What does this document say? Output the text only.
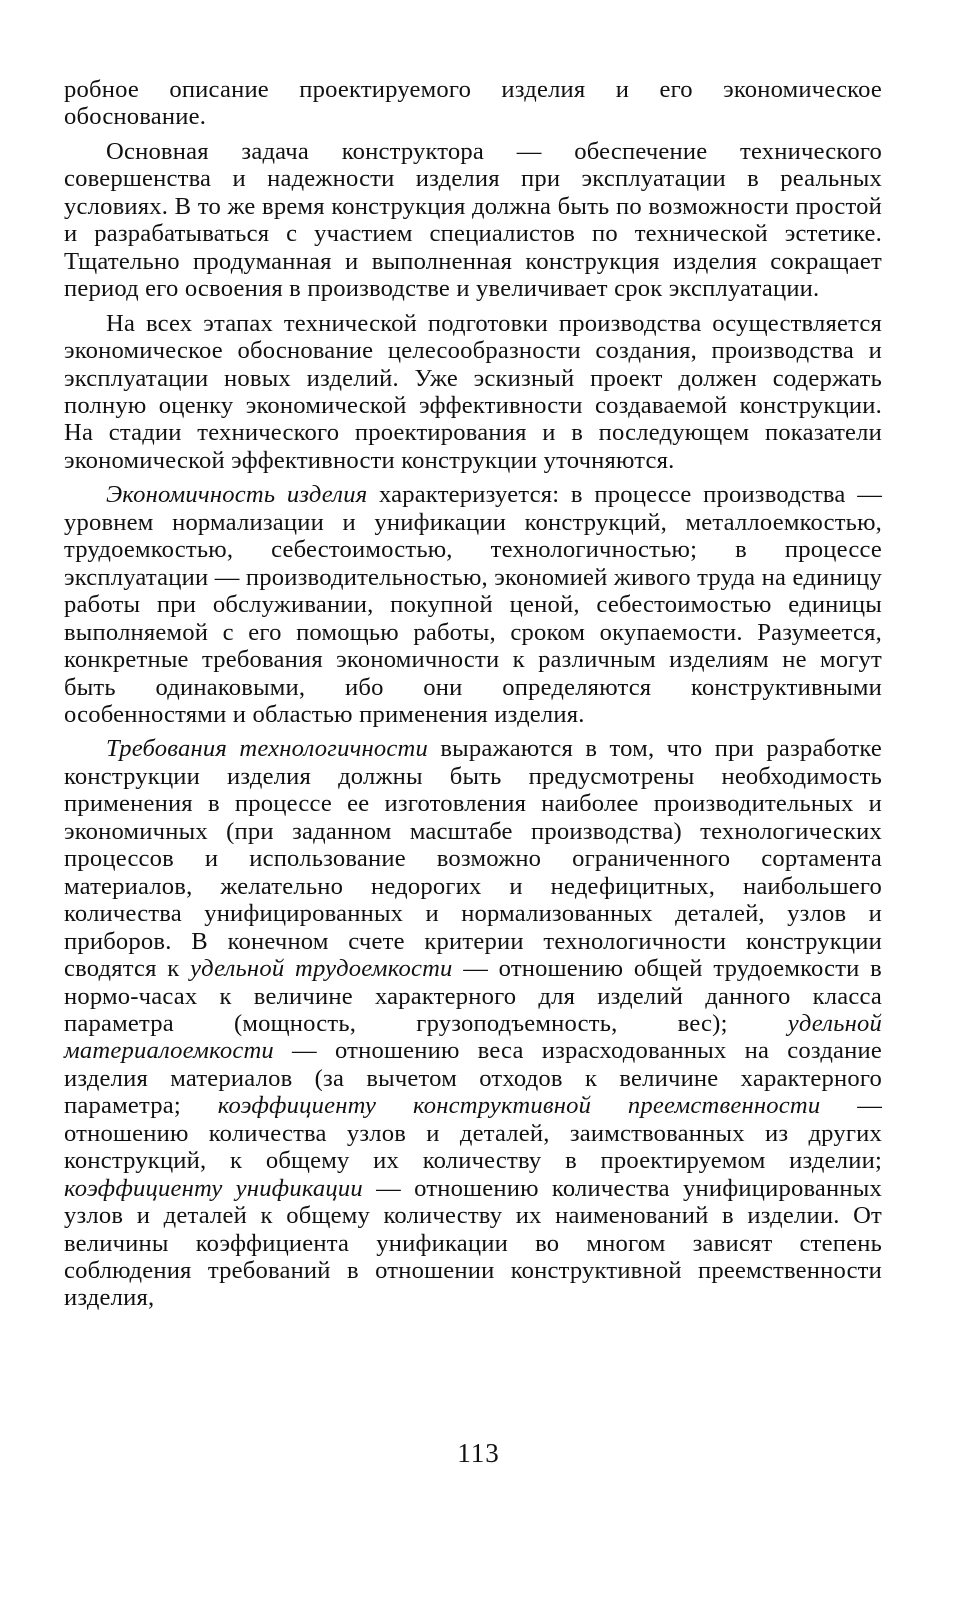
робное описание проектируемого изделия и его экономическое обоснование.

Основная задача конструктора — обеспечение технического совершенства и надежности изделия при эксплуатации в реальных условиях. В то же время конструкция должна быть по возможности простой и разрабатываться с участием специалистов по технической эстетике. Тщательно продуманная и выполненная конструкция изделия сокращает период его освоения в производстве и увеличивает срок эксплуатации.

На всех этапах технической подготовки производства осуществляется экономическое обоснование целесообразности создания, производства и эксплуатации новых изделий. Уже эскизный проект должен содержать полную оценку экономической эффективности создаваемой конструкции. На стадии технического проектирования и в последующем показатели экономической эффективности конструкции уточняются.

Экономичность изделия характеризуется: в процессе производства — уровнем нормализации и унификации конструкций, металлоемкостью, трудоемкостью, себестоимостью, технологичностью; в процессе эксплуатации — производительностью, экономией живого труда на единицу работы при обслуживании, покупной ценой, себестоимостью единицы выполняемой с его помощью работы, сроком окупаемости. Разумеется, конкретные требования экономичности к различным изделиям не могут быть одинаковыми, ибо они определяются конструктивными особенностями и областью применения изделия.

Требования технологичности выражаются в том, что при разработке конструкции изделия должны быть предусмотрены необходимость применения в процессе ее изготовления наиболее производительных и экономичных (при заданном масштабе производства) технологических процессов и использование возможно ограниченного сортамента материалов, желательно недорогих и недефицитных, наибольшего количества унифицированных и нормализованных деталей, узлов и приборов. В конечном счете критерии технологичности конструкции сводятся к удельной трудоемкости — отношению общей трудоемкости в нормо-часах к величине характерного для изделий данного класса параметра (мощность, грузоподъемность, вес); удельной материалоемкости — отношению веса израсходованных на создание изделия материалов (за вычетом отходов к величине характерного параметра; коэффициенту конструктивной преемственности — отношению количества узлов и деталей, заимствованных из других конструкций, к общему их количеству в проектируемом изделии; коэффициенту унификации — отношению количества унифицированных узлов и деталей к общему количеству их наименований в изделии. От величины коэффициента унификации во многом зависят степень соблюдения требований в отношении конструктивной преемственности изделия,

113
